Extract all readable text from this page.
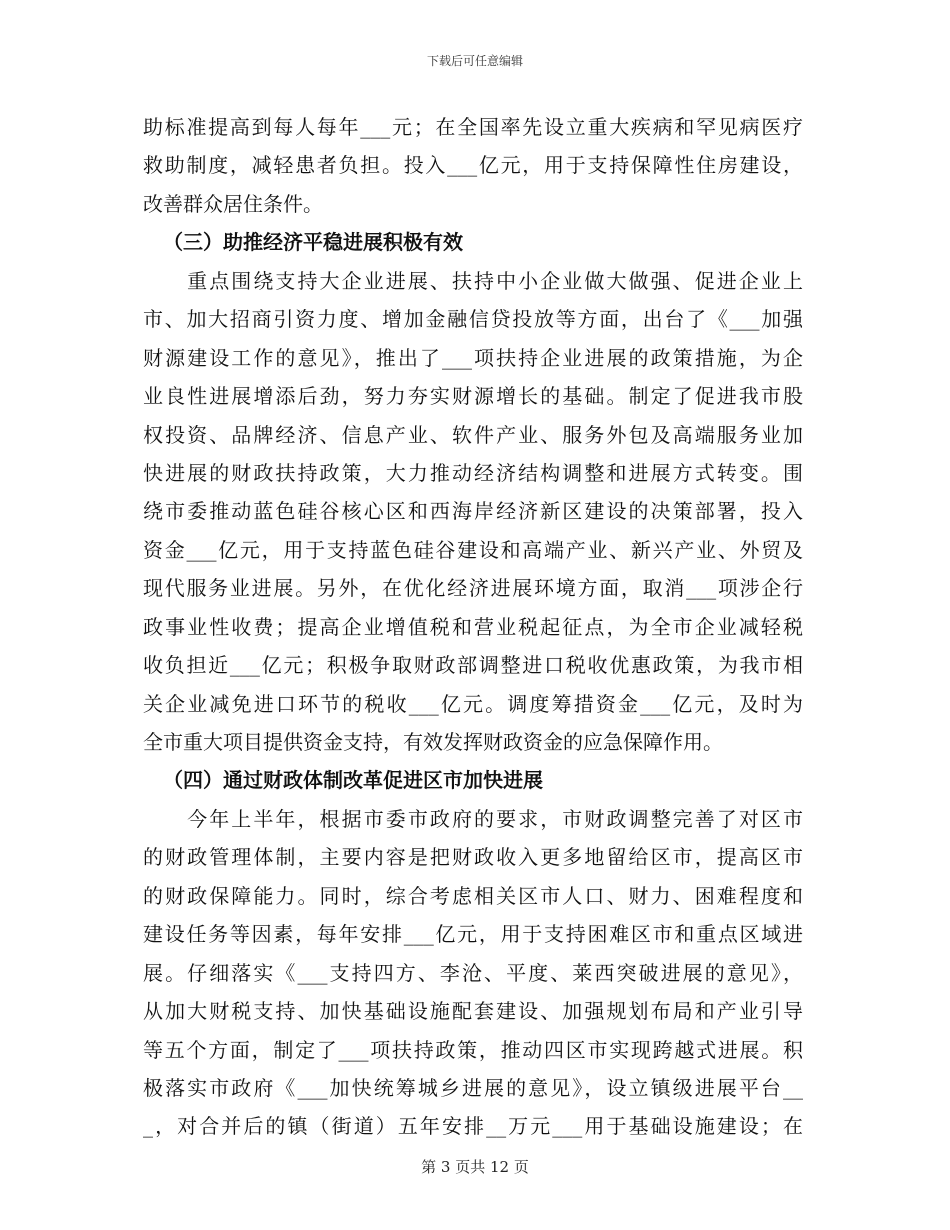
下载后可任意编辑
助标准提高到每人每年___元；在全国率先设立重大疾病和罕见病医疗
救助制度，减轻患者负担。投入___亿元，用于支持保障性住房建设，
改善群众居住条件。
（三）助推经济平稳进展积极有效
　　重点围绕支持大企业进展、扶持中小企业做大做强、促进企业上
市、加大招商引资力度、增加金融信贷投放等方面，出台了《___加强
财源建设工作的意见》，推出了___项扶持企业进展的政策措施，为企
业良性进展增添后劲，努力夯实财源增长的基础。制定了促进我市股
权投资、品牌经济、信息产业、软件产业、服务外包及高端服务业加
快进展的财政扶持政策，大力推动经济结构调整和进展方式转变。围
绕市委推动蓝色硅谷核心区和西海岸经济新区建设的决策部署，投入
资金___亿元，用于支持蓝色硅谷建设和高端产业、新兴产业、外贸及
现代服务业进展。另外，在优化经济进展环境方面，取消___项涉企行
政事业性收费；提高企业增值税和营业税起征点，为全市企业减轻税
收负担近___亿元；积极争取财政部调整进口税收优惠政策，为我市相
关企业减免进口环节的税收___亿元。调度筹措资金___亿元，及时为
全市重大项目提供资金支持，有效发挥财政资金的应急保障作用。
（四）通过财政体制改革促进区市加快进展
　　今年上半年，根据市委市政府的要求，市财政调整完善了对区市
的财政管理体制，主要内容是把财政收入更多地留给区市，提高区市
的财政保障能力。同时，综合考虑相关区市人口、财力、困难程度和
建设任务等因素，每年安排___亿元，用于支持困难区市和重点区域进
展。仔细落实《___支持四方、李沧、平度、莱西突破进展的意见》，
从加大财税支持、加快基础设施配套建设、加强规划布局和产业引导
等五个方面，制定了___项扶持政策，推动四区市实现跨越式进展。积
极落实市政府《___加快统筹城乡进展的意见》，设立镇级进展平台__
_，对合并后的镇（街道）五年安排__万元___用于基础设施建设；在
第 3 页共 12 页
